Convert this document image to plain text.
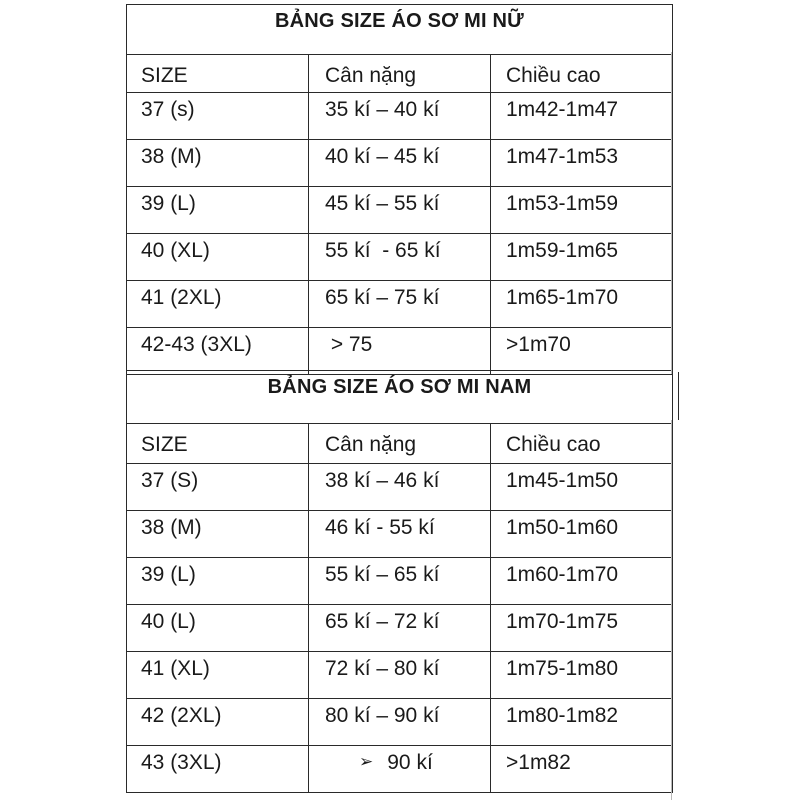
BẢNG SIZE ÁO SƠ MI NỮ		
SIZE	Cân nặng	Chiều cao
37 (s)	35 kí – 40 kí	1m42-1m47
38 (M)	40 kí – 45 kí	1m47-1m53
39 (L)	45 kí – 55 kí	1m53-1m59
40 (XL)	55 kí  - 65 kí	1m59-1m65
41 (2XL)	65 kí – 75 kí	1m65-1m70
42-43 (3XL)	> 75	>1m70
BẢNG SIZE ÁO SƠ MI NAM		
SIZE	Cân nặng	Chiều cao
37 (S)	38 kí – 46 kí	1m45-1m50
38 (M)	46 kí - 55 kí	1m50-1m60
39 (L)	55 kí – 65 kí	1m60-1m70
40 (L)	65 kí – 72 kí	1m70-1m75
41 (XL)	72 kí – 80 kí	1m75-1m80
42 (2XL)	80 kí – 90 kí	1m80-1m82
43 (3XL)	➢ 90 kí	>1m82
